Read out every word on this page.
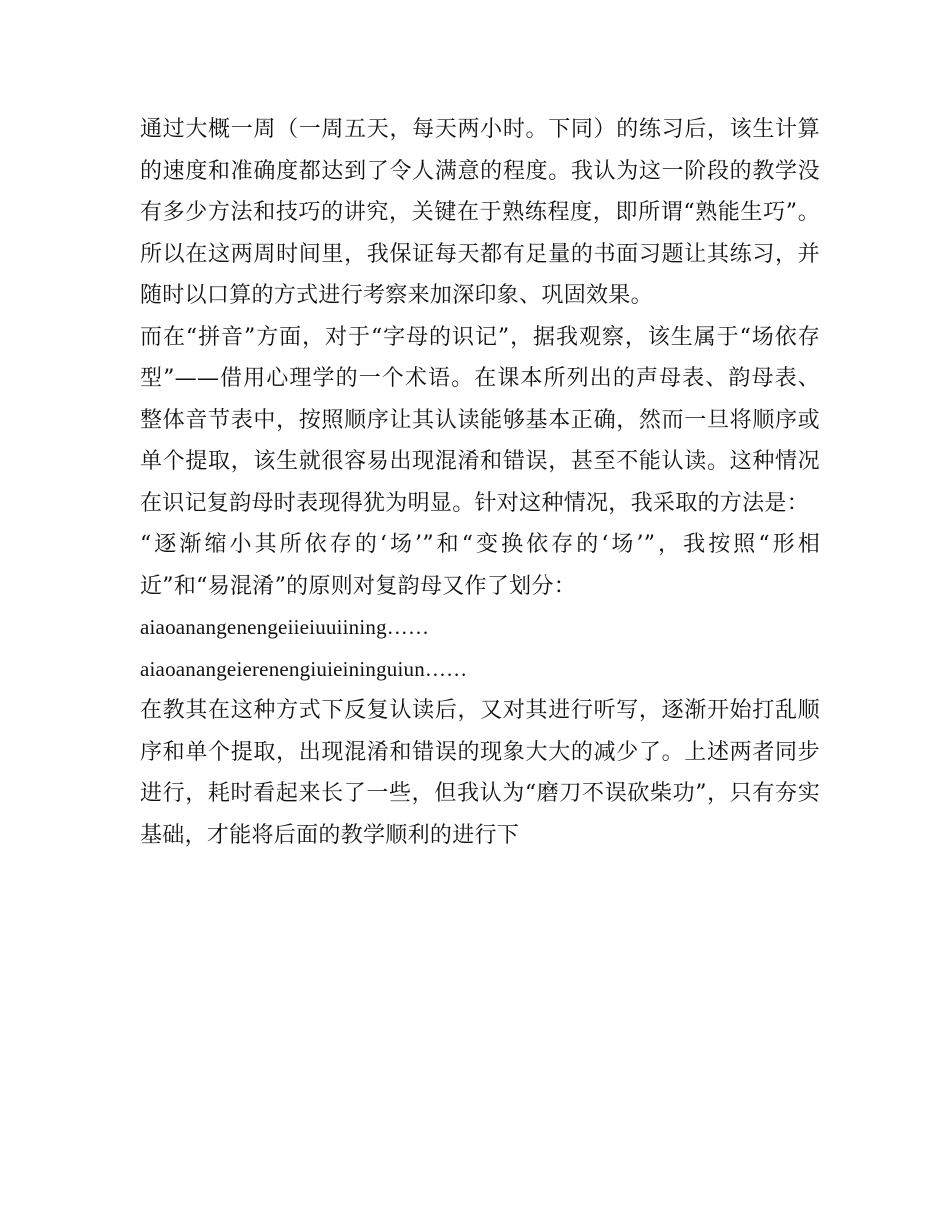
通过大概一周（一周五天，每天两小时。下同）的练习后，该生计算的速度和准确度都达到了令人满意的程度。我认为这一阶段的教学没有多少方法和技巧的讲究，关键在于熟练程度，即所谓“熟能生巧”。所以在这两周时间里，我保证每天都有足量的书面习题让其练习，并随时以口算的方式进行考察来加深印象、巩固效果。

而在“拼音”方面，对于“字母的识记”，据我观察，该生属于“场依存型”——借用心理学的一个术语。在课本所列出的声母表、韵母表、整体音节表中，按照顺序让其认读能够基本正确，然而一旦将顺序或单个提取，该生就很容易出现混淆和错误，甚至不能认读。这种情况在识记复韵母时表现得犹为明显。针对这种情况，我采取的方法是：

“逐渐缩小其所依存的‘场’”和“变换依存的‘场’”，我按照“形相近”和“易混淆”的原则对复韵母又作了划分：

aiaoanangenengeiieiuuiining……

aiaoanangeierenengiuieininguiun……

在教其在这种方式下反复认读后，又对其进行听写，逐渐开始打乱顺序和单个提取，出现混淆和错误的现象大大的减少了。上述两者同步进行，耗时看起来长了一些，但我认为“磨刀不误砍柴功”，只有夯实基础，才能将后面的教学顺利的进行下
